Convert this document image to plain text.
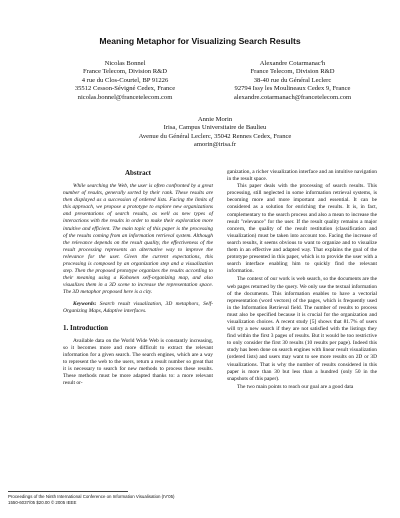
Meaning Metaphor for Visualizing Search Results
Nicolas Bonnel
France Telecom, Division R&D
4 rue du Clos-Courtel, BP 91226
35512 Cesson-Sévigné Cedex, France
nicolas.bonnel@francetelecom.com
Alexandre Cotarmanac'h
France Telecom, Division R&D
38-40 rue du Général Leclerc
92794 Issy les Moulineaux Cedex 9, France
alexandre.cotarmanach@francetelecom.com
Annie Morin
Irisa, Campus Universitaire de Baulieu
Avenue du Général Leclerc, 35042 Rennes Cedex, France
amorin@irisa.fr
Abstract

While searching the Web, the user is often confronted by a great number of results, generally sorted by their rank. These results are then displayed as a succession of ordered lists. Facing the limits of this approach, we propose a prototype to explore new organizations and presentations of search results, as well as new types of interactions with the results in order to make their exploration more intuitive and efficient. The main topic of this paper is the processing of the results coming from an information retrieval system. Although the relevance depends on the result quality, the effectiveness of the result processing represents an alternative way to improve the relevance for the user. Given the current expectations, this processing is composed by an organization step and a visualization step. Then the proposed prototype organizes the results according to their meaning using a Kohonen self-organizing map, and also visualizes them in a 3D scene to increase the representation space. The 3D metaphor proposed here is a city.

Keywords: Search result visualization, 3D metaphors, Self-Organizing Maps, Adaptive interfaces.

1. Introduction

Available data on the World Wide Web is constantly increasing, so it becomes more and more difficult to extract the relevant information for a given search. The search engines, which are a way to represent the web to the users, return a result number so great that it is necessary to search for new methods to process these results. These methods must be more adapted thanks to: a more relevant result or-

ganization, a richer visualization interface and an intuitive navigation in the result space.

This paper deals with the processing of search results. This processing, still neglected in some information retrieval systems, is becoming more and more important and essential. It can be considered as a solution for enriching the results. It is, in fact, complementary to the search process and also a mean to increase the result "relevance" for the user. If the result quality remains a major concern, the quality of the result restitution (classification and visualization) must be taken into account too. Facing the increase of search results, it seems obvious to want to organize and to visualize them in an effective and adapted way. That explains the goal of the prototype presented in this paper, which is to provide the user with a search interface enabling him to quickly find the relevant information.

The context of our work is web search, so the documents are the web pages returned by the query. We only use the textual information of the documents. This information enables to have a vectorial representation (word vectors) of the pages, which is frequently used in the Information Retrieval field. The number of results to process must also be specified because it is crucial for the organization and visualization choices. A recent study [5] shows that 81.7% of users will try a new search if they are not satisfied with the listings they find within the first 3 pages of results. But it would be too restrictive to only consider the first 30 results (10 results per page). Indeed this study has been done on search engines with linear result visualization (ordered lists) and users may want to see more results on 2D or 3D visualizations. That is why the number of results considered in this paper is more than 30 but less than a hundred (only 50 in the snapshots of this paper).

The two main points to reach our goal are a good data

Proceedings of the Ninth International Conference on Information Visualisation (IV'05)
1550-6037/05 $20.00 © 2005 IEEE
